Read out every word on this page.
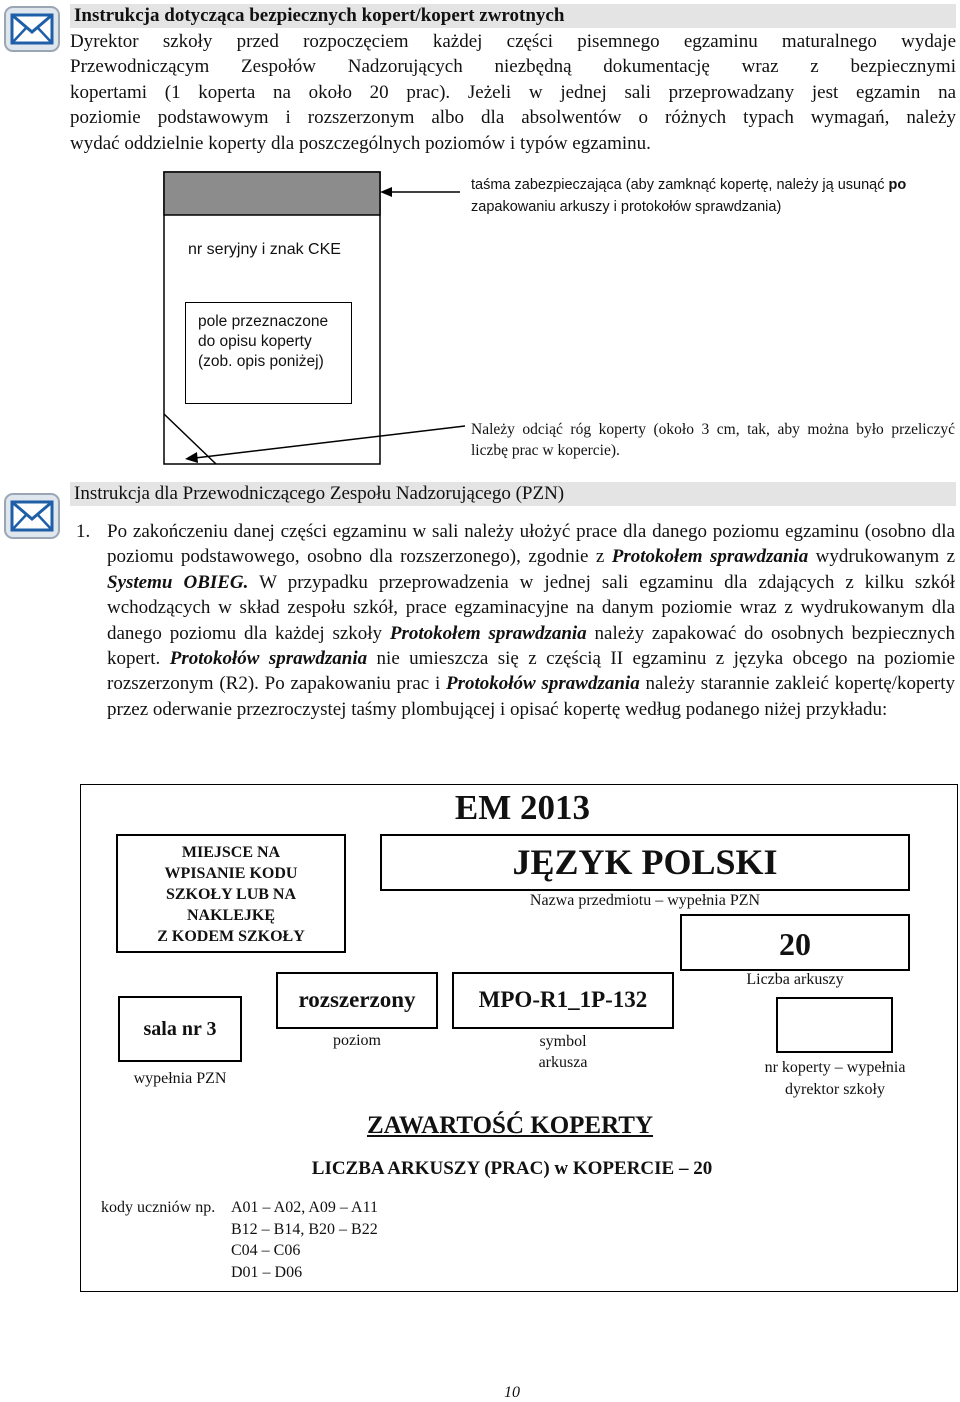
Instrukcja dotycząca bezpiecznych kopert/kopert zwrotnych
Dyrektor szkoły przed rozpoczęciem każdej części pisemnego egzaminu maturalnego wydaje
Przewodniczącym Zespołów Nadzorujących niezbędną dokumentację wraz z bezpiecznymi
kopertami (1 koperta na około 20 prac). Jeżeli w jednej sali przeprowadzany jest egzamin na
poziomie podstawowym i rozszerzonym albo dla absolwentów o różnych typach wymagań, należy
wydać oddzielnie koperty dla poszczególnych poziomów i typów egzaminu.
nr seryjny i znak CKE
pole przeznaczone do opisu koperty (zob. opis poniżej)
taśma zabezpieczająca (aby zamknąć kopertę, należy ją usunąć po
zapakowaniu arkuszy i protokołów sprawdzania)
Należy odciąć róg koperty (około 3 cm, tak, aby można było przeliczyć liczbę prac w kopercie).
Instrukcja dla Przewodniczącego Zespołu Nadzorującego (PZN)
1. Po zakończeniu danej części egzaminu w sali należy ułożyć prace dla danego poziomu egzaminu (osobno dla poziomu podstawowego, osobno dla rozszerzonego), zgodnie z Protokołem sprawdzania wydrukowanym z Systemu OBIEG. W przypadku przeprowadzenia w jednej sali egzaminu dla zdających z kilku szkół wchodzących w skład zespołu szkół, prace egzaminacyjne na danym poziomie wraz z wydrukowanym dla danego poziomu dla każdej szkoły Protokołem sprawdzania należy zapakować do osobnych bezpiecznych kopert. Protokołów sprawdzania nie umieszcza się z częścią II egzaminu z języka obcego na poziomie rozszerzonym (R2). Po zapakowaniu prac i Protokołów sprawdzania należy starannie zakleić kopertę/koperty przez oderwanie przezroczystej taśmy plombującej i opisać kopertę według podanego niżej przykładu:
MIEJSCE NA
WPISANIE KODU
SZKOŁY LUB NA
NAKLEJKĘ
Z KODEM SZKOŁY
EM 2013
JĘZYK POLSKI
Nazwa przedmiotu – wypełnia PZN
20
Liczba arkuszy
sala nr 3
wypełnia PZN
rozszerzony
poziom
MPO-R1_1P-132
symbol
arkusza	nr koperty – wypełnia
dyrektor szkoły
ZAWARTOŚĆ KOPERTY
LICZBA ARKUSZY (PRAC) w KOPERCIE – 20
kody uczniów np. A01 – A02, A09 – A11
B12 – B14, B20 – B22
C04 – C06
D01 – D06
10
